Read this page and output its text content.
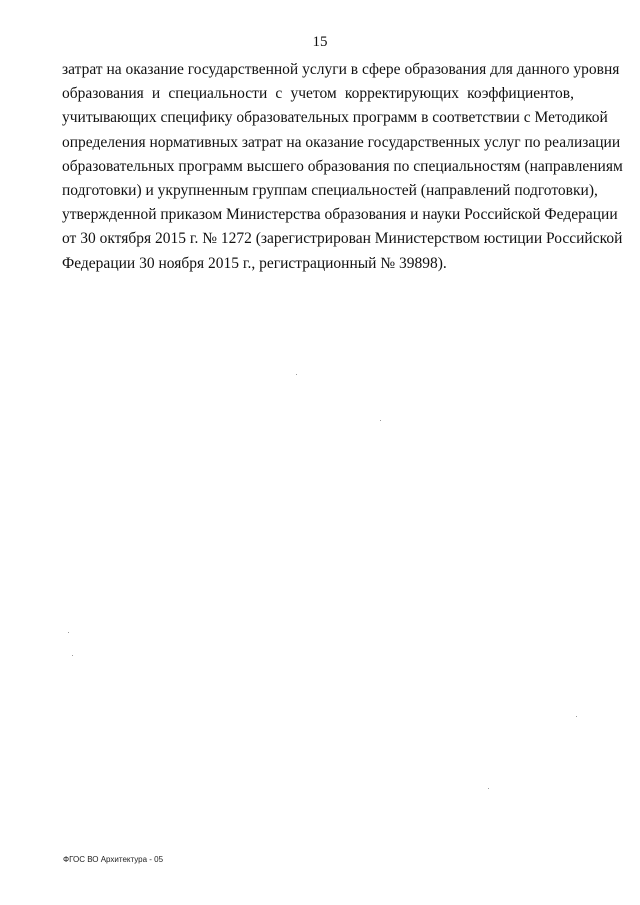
15

затрат на оказание государственной услуги в сфере образования для данного уровня
образования и специальности с учетом корректирующих коэффициентов,
учитывающих специфику образовательных программ в соответствии с Методикой
определения нормативных затрат на оказание государственных услуг по реализации
образовательных программ высшего образования по специальностям (направлениям
подготовки) и укрупненным группам специальностей (направлений подготовки),
утвержденной приказом Министерства образования и науки Российской Федерации
от 30 октября 2015 г. № 1272 (зарегистрирован Министерством юстиции Российской
Федерации 30 ноября 2015 г., регистрационный № 39898).

ФГОС ВО Архитектура - 05
